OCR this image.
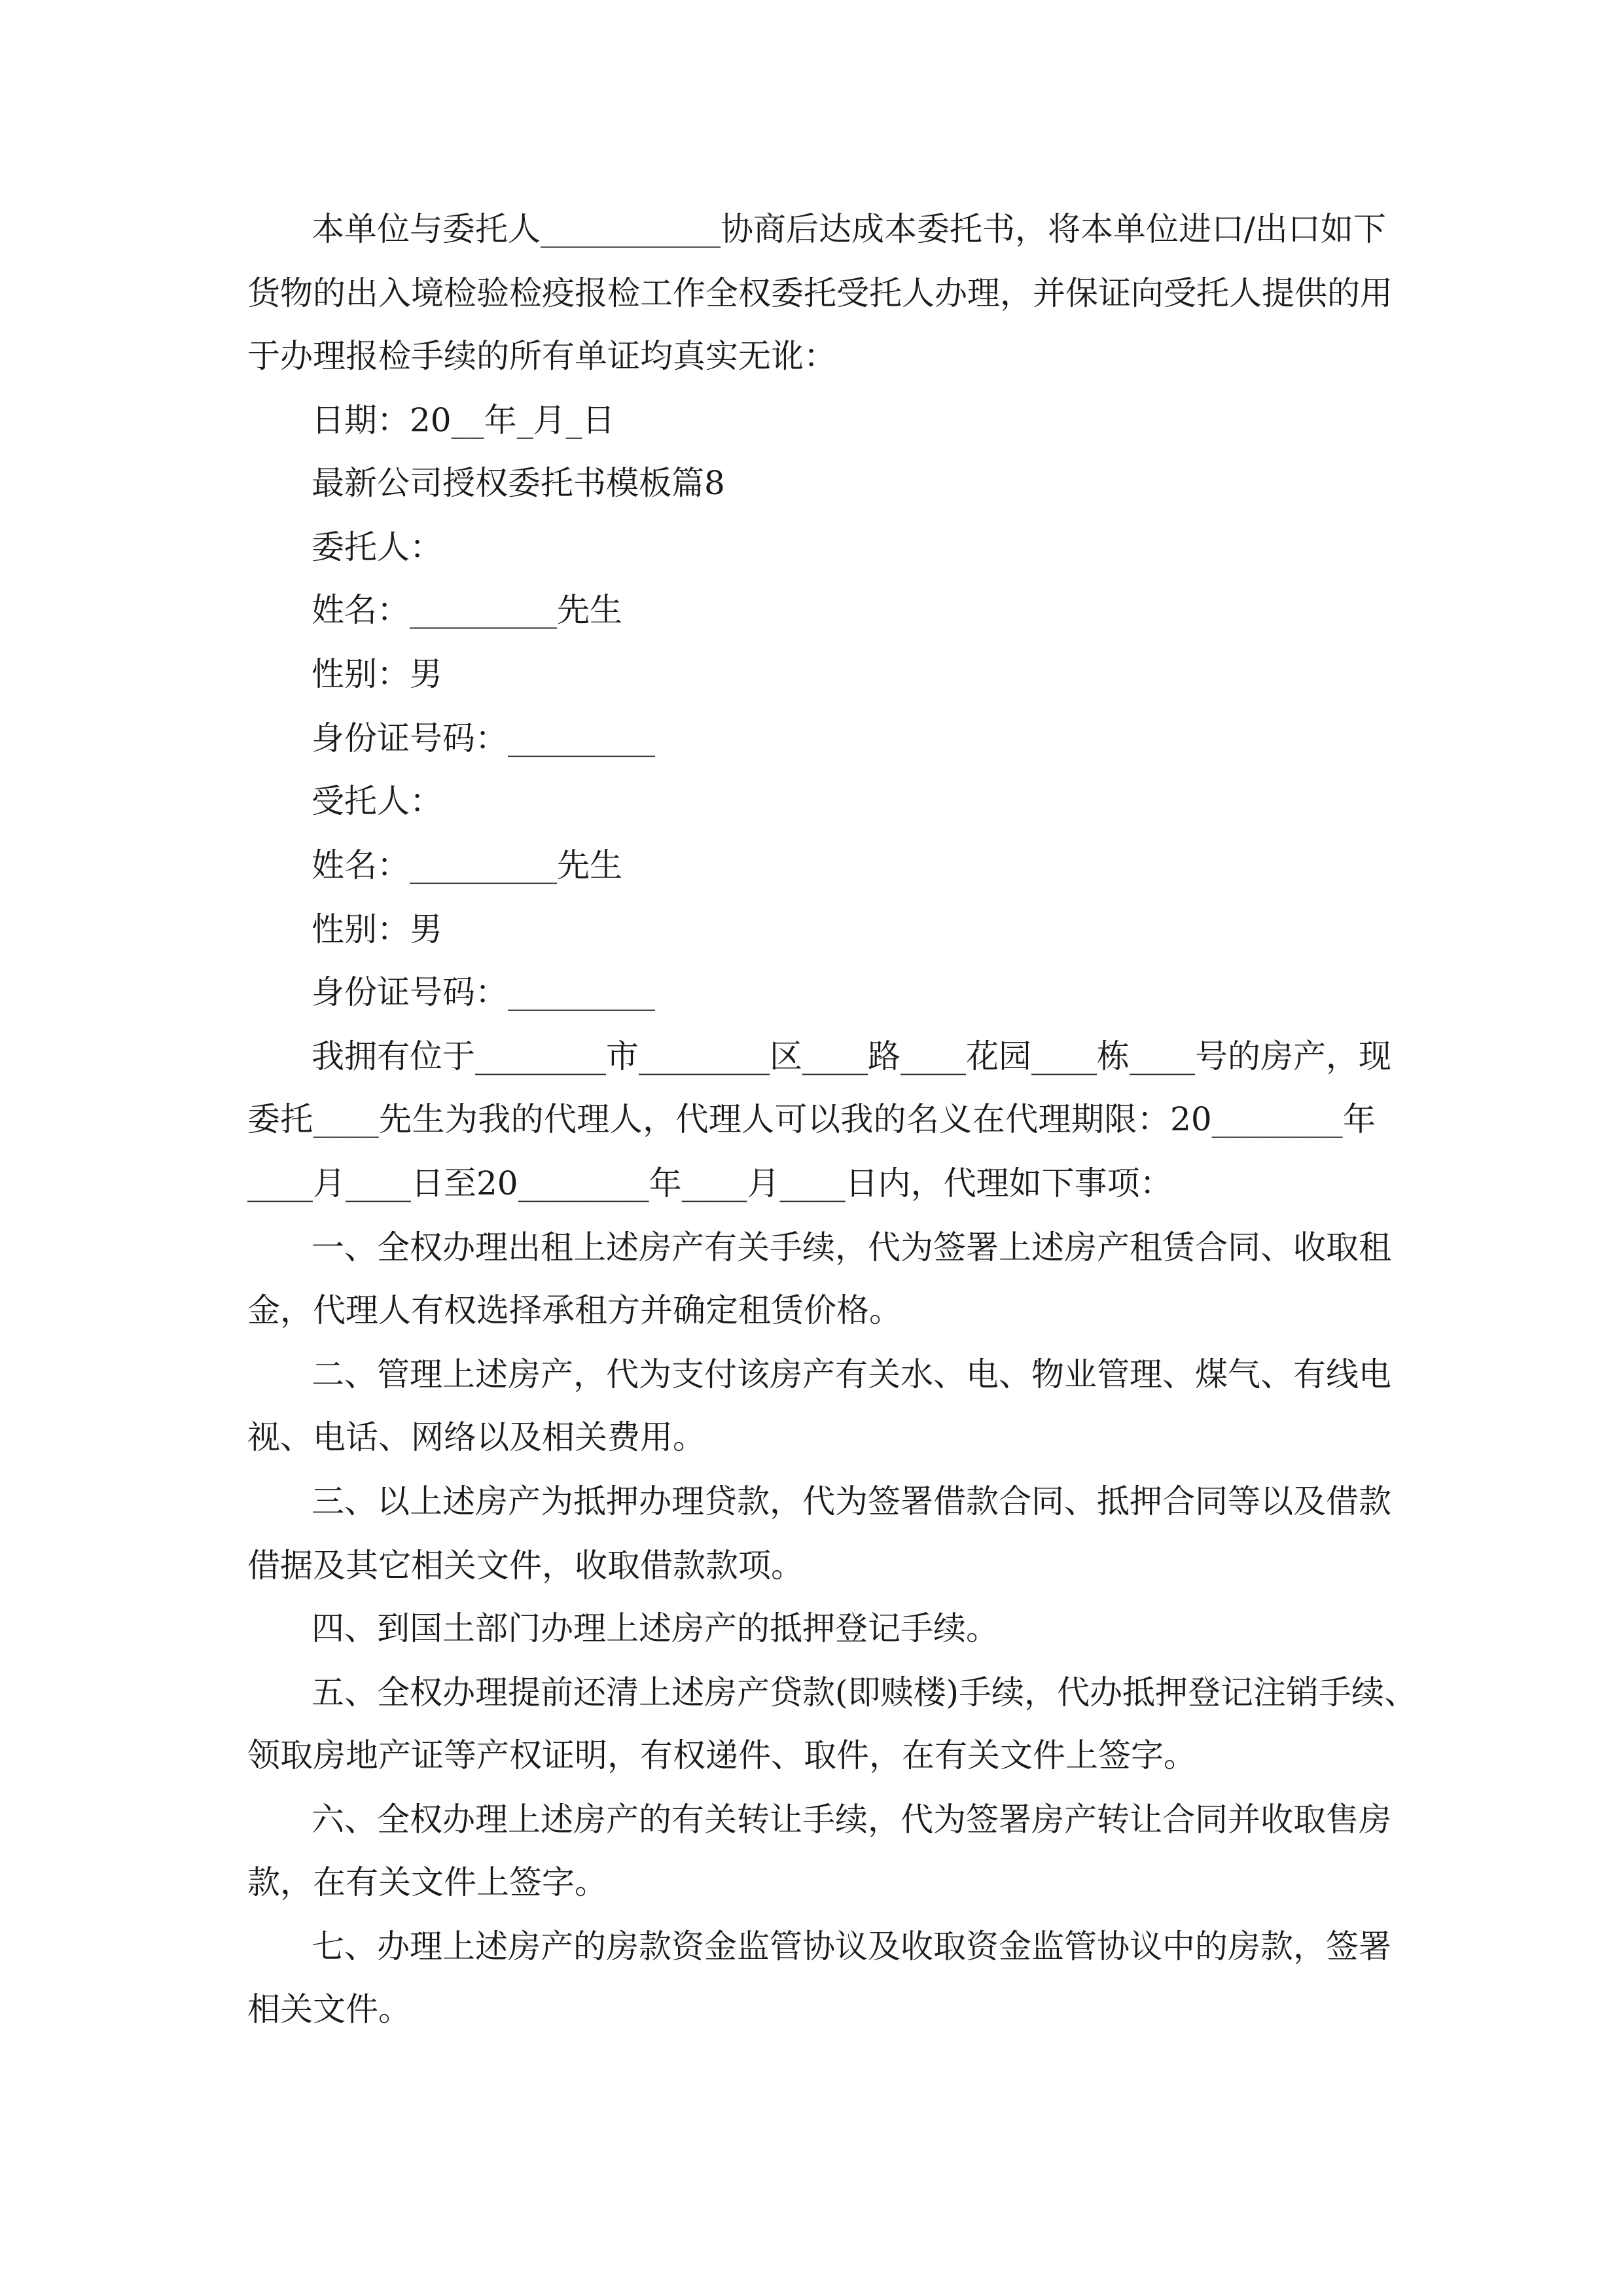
本单位与委托人___________协商后达成本委托书，将本单位进口/出口如下
货物的出入境检验检疫报检工作全权委托受托人办理，并保证向受托人提供的用
于办理报检手续的所有单证均真实无讹：
日期：20__年_月_日
最新公司授权委托书模板篇8
委托人：
姓名：_________先生
性别：男
身份证号码：_________
受托人：
姓名：_________先生
性别：男
身份证号码：_________
我拥有位于________市________区____路____花园____栋____号的房产，现
委托____先生为我的代理人，代理人可以我的名义在代理期限：20________年
____月____日至20________年____月____日内，代理如下事项：
一、全权办理出租上述房产有关手续，代为签署上述房产租赁合同、收取租
金，代理人有权选择承租方并确定租赁价格。
二、管理上述房产，代为支付该房产有关水、电、物业管理、煤气、有线电
视、电话、网络以及相关费用。
三、以上述房产为抵押办理贷款，代为签署借款合同、抵押合同等以及借款
借据及其它相关文件，收取借款款项。
四、到国土部门办理上述房产的抵押登记手续。
五、全权办理提前还清上述房产贷款(即赎楼)手续，代办抵押登记注销手续、
领取房地产证等产权证明，有权递件、取件，在有关文件上签字。
六、全权办理上述房产的有关转让手续，代为签署房产转让合同并收取售房
款，在有关文件上签字。
七、办理上述房产的房款资金监管协议及收取资金监管协议中的房款，签署
相关文件。
